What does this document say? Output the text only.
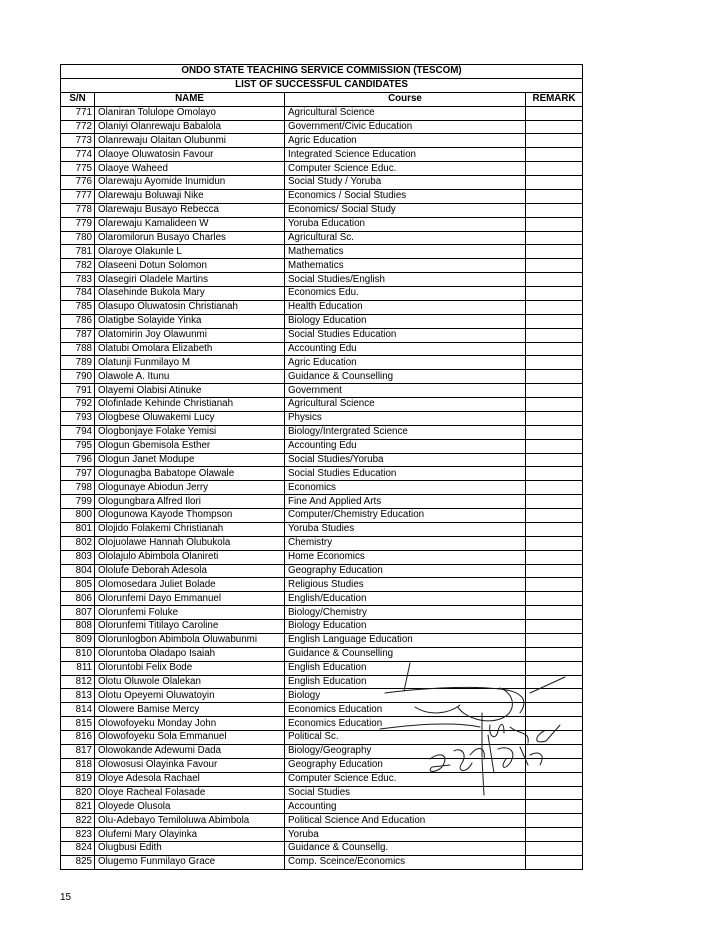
ONDO STATE TEACHING SERVICE COMMISSION (TESCOM)			
LIST OF SUCCESSFUL CANDIDATES			
S/N	NAME	Course	REMARK
771	Olaniran Tolulope Omolayo	Agricultural Science	
772	Olaniyi Olanrewaju Babalola	Government/Civic Education	
773	Olanrewaju Olaitan Olubunmi	Agric Education	
774	Olaoye Oluwatosin Favour	Integrated Science Education	
775	Olaoye Waheed	Computer Science Educ.	
776	Olarewaju Ayomide Inumidun	Social Study / Yoruba	
777	Olarewaju Boluwaji Nike	Economics / Social Studies	
778	Olarewaju Busayo Rebecca	Economics/ Social Study	
779	Olarewaju Kamalideen W	Yoruba Education	
780	Olaromilorun Busayo Charles	Agricultural Sc.	
781	Olaroye Olakunle L	Mathematics	
782	Olaseeni Dotun Solomon	Mathematics	
783	Olasegiri Oladele Martins	Social Studies/English	
784	Olasehinde Bukola Mary	Economics Edu.	
785	Olasupo Oluwatosin Christianah	Health Education	
786	Olatigbe Solayide Yinka	Biology Education	
787	Olatomirin Joy Olawunmi	Social Studies Education	
788	Olatubi Omolara Elizabeth	Accounting Edu	
789	Olatunji Funmilayo M	Agric Education	
790	Olawole A. Itunu	Guidance & Counselling	
791	Olayemi Olabisi Atinuke	Government	
792	Olofinlade Kehinde Christianah	Agricultural Science	
793	Ologbese Oluwakemi Lucy	Physics	
794	Ologbonjaye Folake Yemisi	Biology/Intergrated Science	
795	Ologun Gbemisola Esther	Accounting Edu	
796	Ologun Janet Modupe	Social Studies/Yoruba	
797	Ologunagba Babatope Olawale	Social Studies Education	
798	Ologunaye Abiodun Jerry	Economics	
799	Ologungbara Alfred Ilori	Fine And Applied Arts	
800	Ologunowa Kayode Thompson	Computer/Chemistry Education	
801	Olojido Folakemi Christianah	Yoruba Studies	
802	Olojuolawe Hannah Olubukola	Chemistry	
803	Ololajulo Abimbola Olanireti	Home Economics	
804	Ololufe Deborah Adesola	Geography Education	
805	Olomosedara Juliet Bolade	Religious Studies	
806	Olorunfemi Dayo Emmanuel	English/Education	
807	Olorunfemi Foluke	Biology/Chemistry	
808	Olorunfemi Titilayo Caroline	Biology Education	
809	Olorunlogbon Abimbola Oluwabunmi	English Language Education	
810	Oloruntoba Oladapo Isaiah	Guidance & Counselling	
811	Oloruntobi Felix Bode	English Education	
812	Olotu Oluwole Olalekan	English Education	
813	Olotu Opeyemi Oluwatoyin	Biology	
814	Olowere Bamise Mercy	Economics Education	
815	Olowofoyeku Monday John	Economics Education	
816	Olowofoyeku Sola Emmanuel	Political Sc.	
817	Olowokande Adewumi Dada	Biology/Geography	
818	Olowosusi Olayinka Favour	Geography Education	
819	Oloye Adesola Rachael	Computer Science Educ.	
820	Oloye Racheal Folasade	Social Studies	
821	Oloyede Olusola	Accounting	
822	Olu-Adebayo Temiloluwa Abimbola	Political Science And Education	
823	Olufemi Mary Olayinka	Yoruba	
824	Olugbusi Edith	Guidance & Counsellg.	
825	Olugemo Funmilayo Grace	Comp. Sceince/Economics	
15
